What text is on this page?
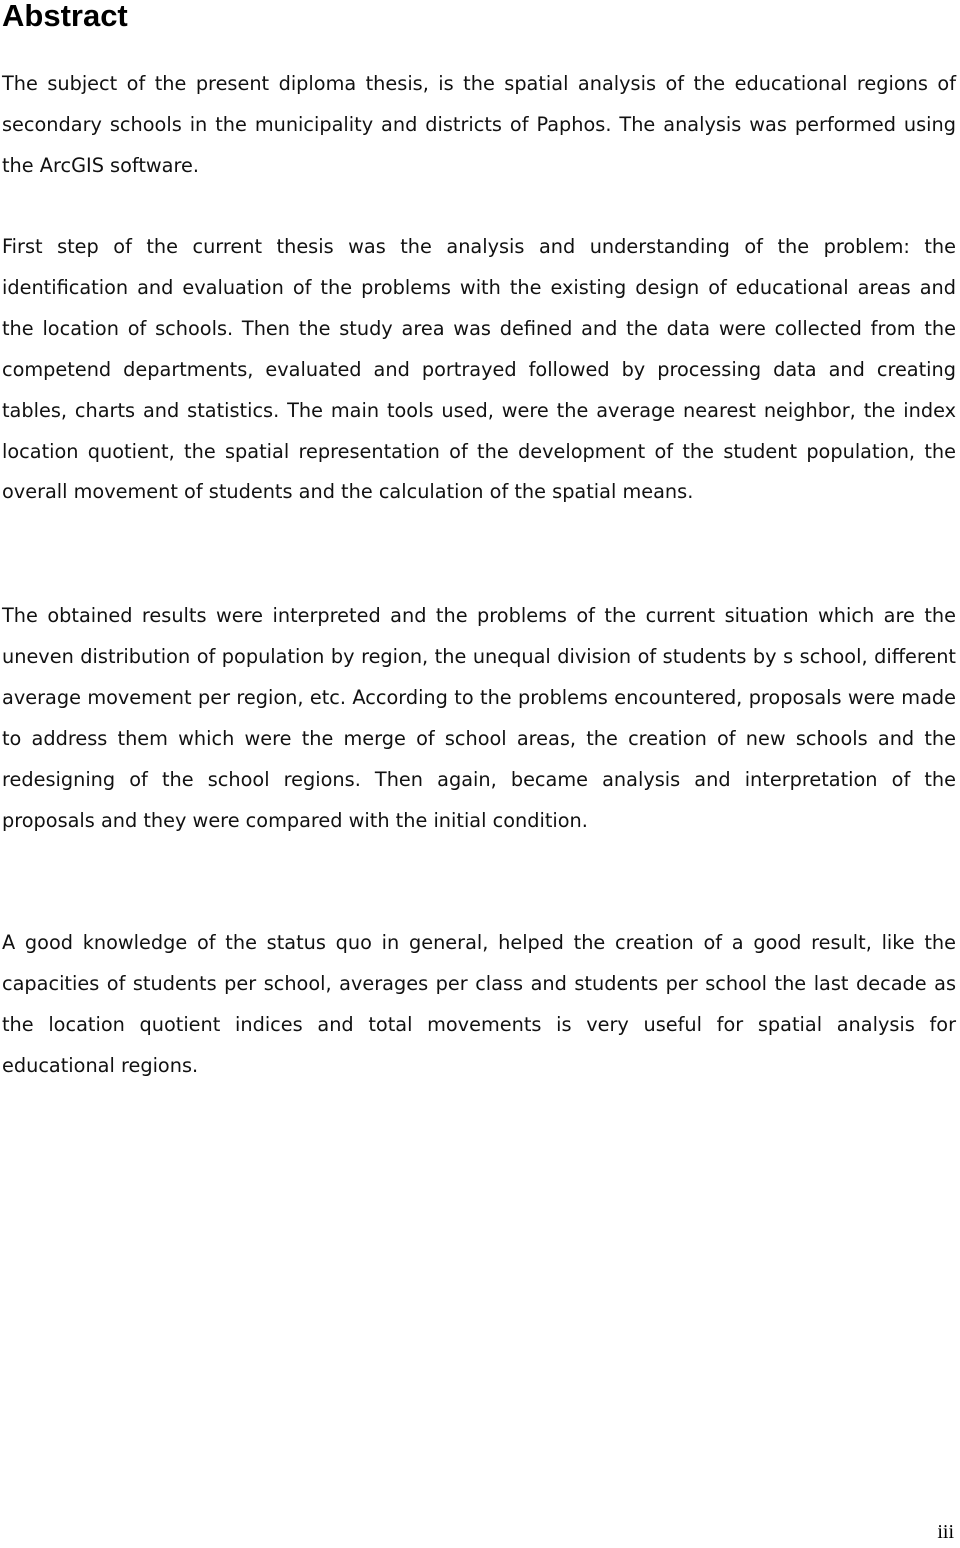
Abstract

The subject of the present diploma thesis, is the spatial analysis of the educational regions of secondary schools in the municipality and districts of Paphos. The analysis was performed using the ArcGIS software.

First step of the current thesis was the analysis and understanding of the problem: the identification and evaluation of the problems with the existing design of educational areas and the location of schools. Then the study area was defined and the data were collected from the competend departments, evaluated and portrayed followed by processing data and creating tables, charts and statistics. The main tools used, were the average nearest neighbor, the index location quotient, the spatial representation of the development of the student population, the overall movement of students and the calculation of the spatial means.

The obtained results were interpreted and the problems of the current situation which are the uneven distribution of population by region, the unequal division of students by s school, different average movement per region, etc. According to the problems encountered, proposals were made to address them which were the merge of school areas, the creation of new schools and the redesigning of the school regions. Then again, became analysis and interpretation of the proposals and they were compared with the initial condition.

A good knowledge of the status quo in general, helped the creation of a good result, like the capacities of students per school, averages per class and students per school the last decade as the location quotient indices and total movements is very useful for spatial analysis for educational regions.

iii
